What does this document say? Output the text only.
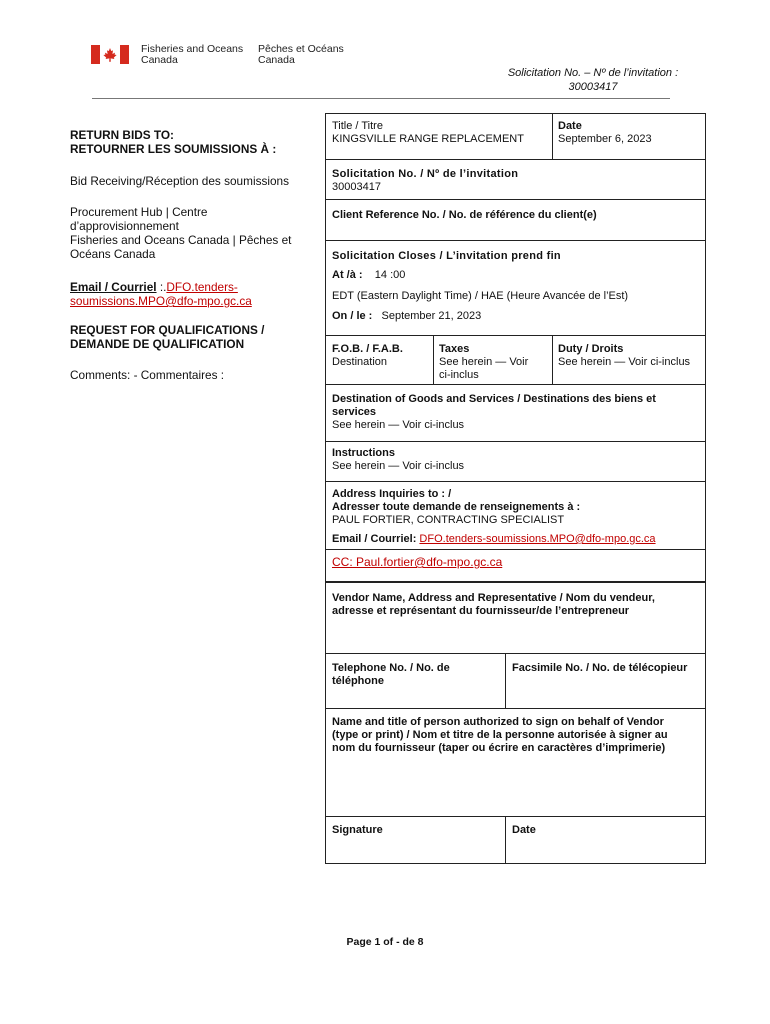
Fisheries and Oceans
Canada
Pêches et Océans
Canada
Solicitation No. – Nº de l’invitation :
30003417
RETURN BIDS TO:
RETOURNER LES SOUMISSIONS À :
Bid Receiving/Réception des soumissions
Procurement Hub | Centre
d’approvisionnement
Fisheries and Oceans Canada | Pêches et
Océans Canada
Email / Courriel :.DFO.tenders-
soumissions.MPO@dfo-mpo.gc.ca
REQUEST FOR QUALIFICATIONS /
DEMANDE DE QUALIFICATION
Comments: - Commentaires :
Title / Titre
KINGSVILLE RANGE REPLACEMENT
Date
September 6, 2023
Solicitation No. / Nº de l’invitation
30003417
Client Reference No. / No. de référence du client(e)
Solicitation Closes / L’invitation prend fin
At /à : 14 :00
EDT (Eastern Daylight Time) / HAE (Heure Avancée de l’Est)
On / le : September 21, 2023
F.O.B. / F.A.B.
Destination
Taxes
See herein — Voir
ci-inclus
Duty / Droits
See herein — Voir ci-inclus
Destination of Goods and Services / Destinations des biens et
services
See herein — Voir ci-inclus
Instructions
See herein — Voir ci-inclus
Address Inquiries to : /
Adresser toute demande de renseignements à :
PAUL FORTIER, CONTRACTING SPECIALIST
Email / Courriel: DFO.tenders-soumissions.MPO@dfo-mpo.gc.ca
CC: Paul.fortier@dfo-mpo.gc.ca
Vendor Name, Address and Representative / Nom du vendeur,
adresse et représentant du fournisseur/de l’entrepreneur
Telephone No. / No. de
téléphone
Facsimile No. / No. de télécopieur
Name and title of person authorized to sign on behalf of Vendor
(type or print) / Nom et titre de la personne autorisée à signer au
nom du fournisseur (taper ou écrire en caractères d’imprimerie)
Signature	Date
Page 1 of - de 8
